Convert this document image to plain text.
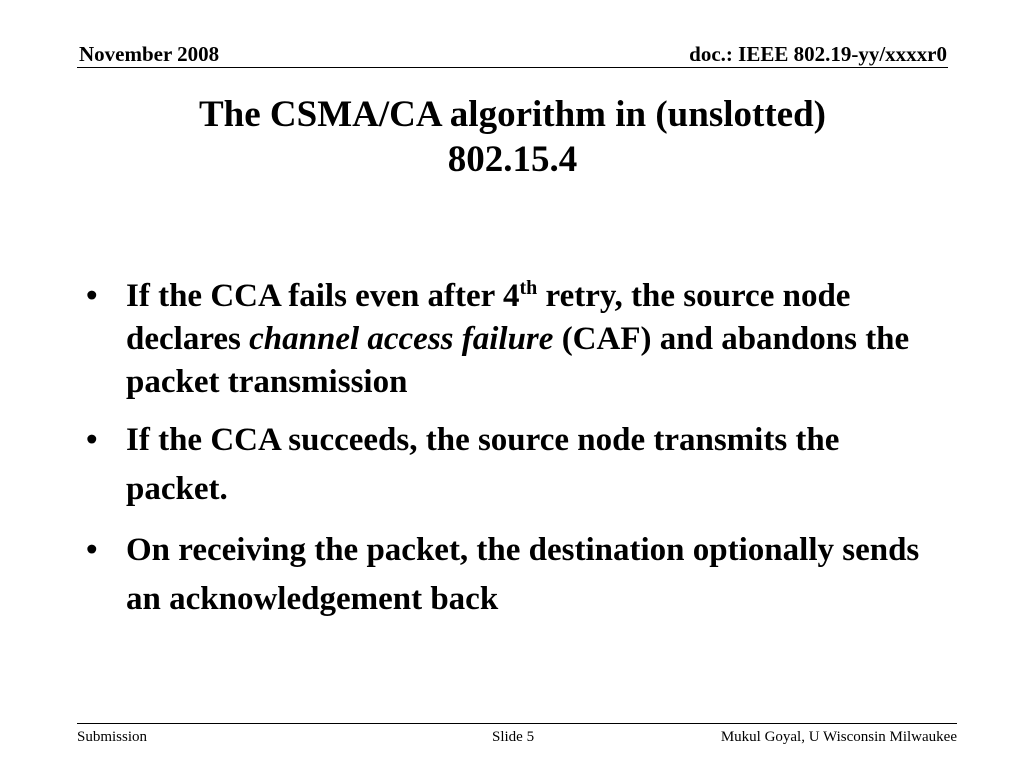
November 2008	doc.: IEEE 802.19-yy/xxxxr0
The CSMA/CA algorithm in (unslotted)
802.15.4
• If the CCA fails even after 4th retry, the source node declares channel access failure (CAF) and abandons the packet transmission
• If the CCA succeeds, the source node transmits the packet.
• On receiving the packet, the destination optionally sends an acknowledgement back
Submission	Slide 5	Mukul Goyal, U Wisconsin Milwaukee
